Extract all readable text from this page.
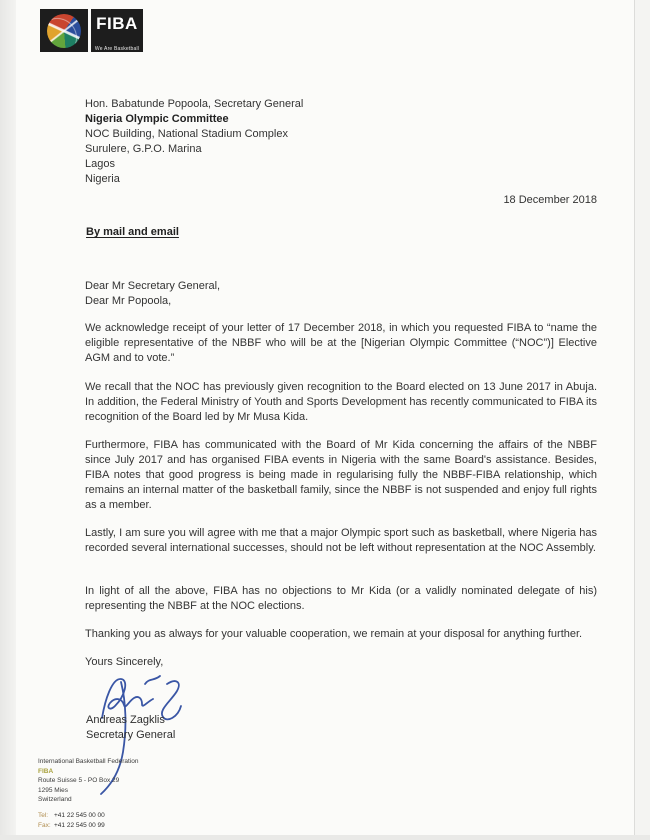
FIBA
We Are Basketball
Hon. Babatunde Popoola, Secretary General
Nigeria Olympic Committee
NOC Building, National Stadium Complex
Surulere, G.P.O. Marina
Lagos
Nigeria
18 December 2018
By mail and email
Dear Mr Secretary General,
Dear Mr Popoola,
We acknowledge receipt of your letter of 17 December 2018, in which you requested FIBA to “name the eligible representative of the NBBF who will be at the [Nigerian Olympic Committee (“NOC”)] Elective AGM and to vote.”
We recall that the NOC has previously given recognition to the Board elected on 13 June 2017 in Abuja. In addition, the Federal Ministry of Youth and Sports Development has recently communicated to FIBA its recognition of the Board led by Mr Musa Kida.
Furthermore, FIBA has communicated with the Board of Mr Kida concerning the affairs of the NBBF since July 2017 and has organised FIBA events in Nigeria with the same Board's assistance. Besides, FIBA notes that good progress is being made in regularising fully the NBBF-FIBA relationship, which remains an internal matter of the basketball family, since the NBBF is not suspended and enjoy full rights as a member.
Lastly, I am sure you will agree with me that a major Olympic sport such as basketball, where Nigeria has recorded several international successes, should not be left without representation at the NOC Assembly.
In light of all the above, FIBA has no objections to Mr Kida (or a validly nominated delegate of his) representing the NBBF at the NOC elections.
Thanking you as always for your valuable cooperation, we remain at your disposal for anything further.
Yours Sincerely,
Andreas Zagklis
Secretary General
International Basketball Federation
FIBA
Route Suisse 5 - PO Box 29
1295 Mies
Switzerland
Tel: +41 22 545 00 00
Fax: +41 22 545 00 99
